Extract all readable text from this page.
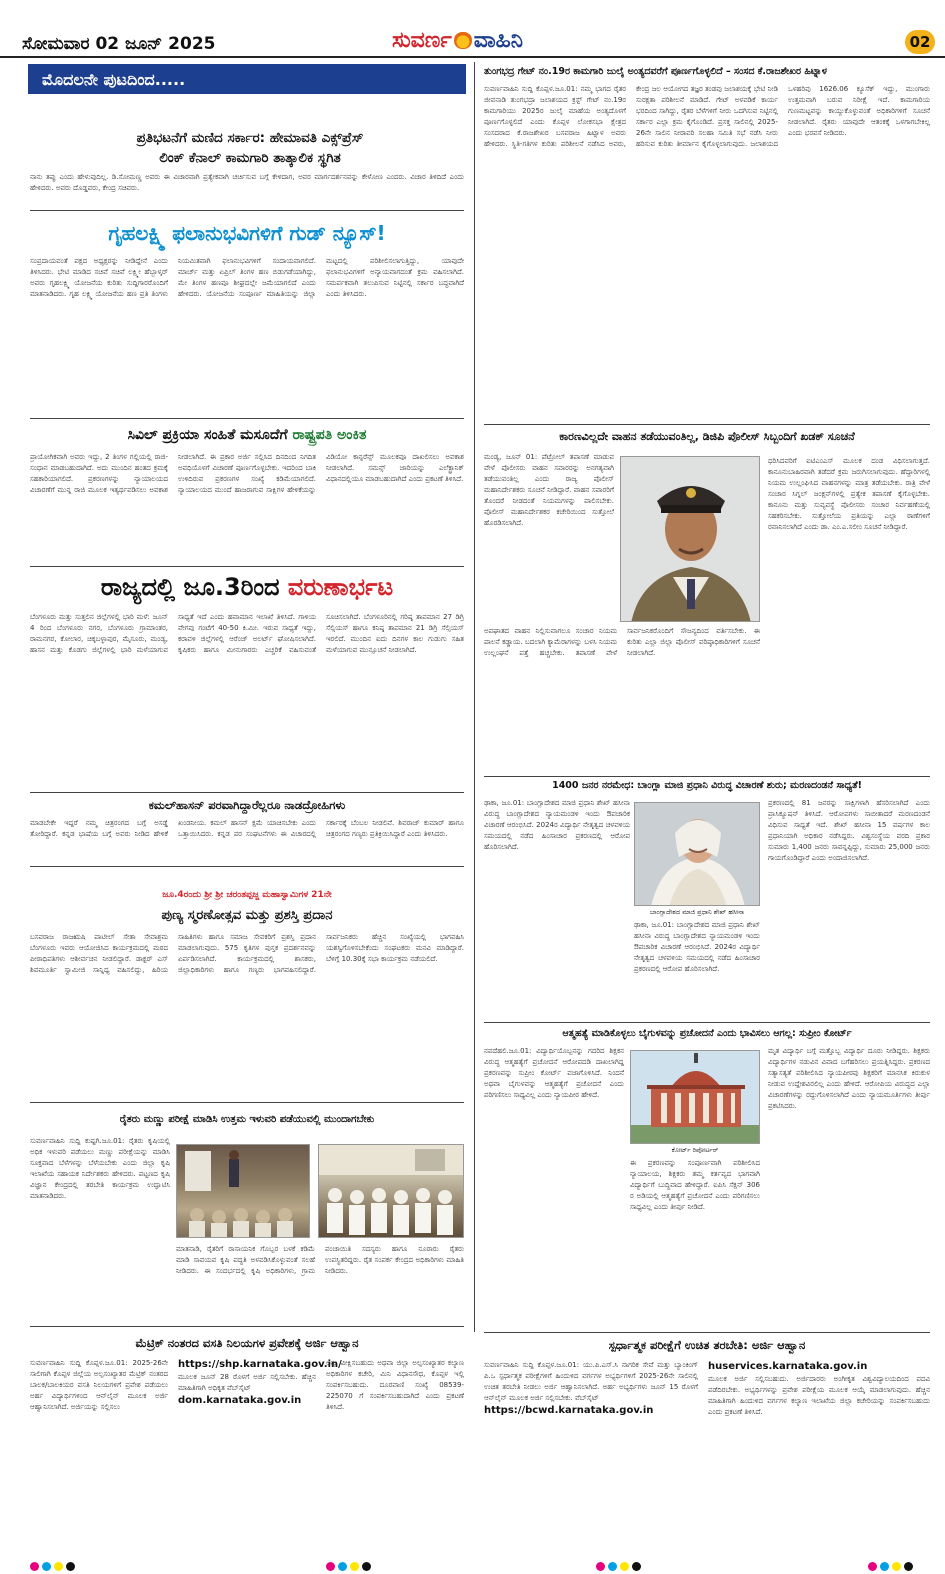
ಸೋಮವಾರ 02 ಜೂನ್ 2025	ಸುವರ್ಣ ವಾಹಿನಿ	02
ಮೊದಲನೇ ಪುಟದಿಂದ.....
ಪ್ರತಿಭಟನೆಗೆ ಮಣಿದ ಸರ್ಕಾರ: ಹೇಮಾವತಿ ಎಕ್ಸ್‌ಪ್ರೆಸ್
ಲಿಂಕ್ ಕೆನಾಲ್ ಕಾಮಗಾರಿ ತಾತ್ಕಾಲಿಕ ಸ್ಥಗಿತ
ನಾನು ತಪ್ಪು ಎಂದು ಹೇಳುವುದಿಲ್ಲ. ಡಿ.ಸೋಮಣ್ಣ ಅವರು ಈ ವಿಚಾರವಾಗಿ ಪ್ರತ್ಯೇಕವಾಗಿ ಚರ್ಚಿಸುವ ಬಗ್ಗೆ ಕೇಳಿದಾಗ, ಅವರ ಮಾರ್ಗದರ್ಶನವನ್ನು ಕೇಳೋಣ ಎಂದರು. ವಿಚಾರ ತಿಳಿದಿದೆ ಎಂದು ಹೇಳಿದರು. ಅವರು ದೊಡ್ಡವರು, ಕೇಂದ್ರ ಸಚಿವರು.
ಗೃಹಲಕ್ಷ್ಮಿ ಫಲಾನುಭವಿಗಳಿಗೆ ಗುಡ್ ನ್ಯೂಸ್!
ಸಂಪ್ರದಾಯವಂತೆ ಪಕ್ಷದ ಅಧ್ಯಕ್ಷರನ್ನು ನೀಡಿದ್ದೇನೆ ಎಂದು ತಿಳಿಸಿದರು. ಭೇಟಿ ಮಾಡಿದ ಸಚಿವೆ ಸಚಿವೆ ಲಕ್ಷ್ಮೀ ಹೆಬ್ಬಾಳ್ಕರ್ ಅವರು ಗೃಹಲಕ್ಷ್ಮಿ ಯೋಜನೆಯ ಕುರಿತು ಸುದ್ದಿಗಾರರೊಂದಿಗೆ ಮಾತನಾಡಿದರು. ಗೃಹ ಲಕ್ಷ್ಮಿ ಯೋಜನೆಯ ಹಣ ಪ್ರತಿ ತಿಂಗಳು ನಿಯಮಿತವಾಗಿ ಫಲಾನುಭವಿಗಳಿಗೆ ಸಂದಾಯವಾಗಲಿದೆ. ಮಾರ್ಚ್ ಮತ್ತು ಏಪ್ರಿಲ್ ತಿಂಗಳ ಹಣ ಬಿಡುಗಡೆಯಾಗಿದ್ದು, ಮೇ ತಿಂಗಳ ಹಣವೂ ಶೀಘ್ರದಲ್ಲೇ ಜಮೆಯಾಗಲಿದೆ ಎಂದು ಹೇಳಿದರು. ಯೋಜನೆಯ ಸಂಪೂರ್ಣ ಮಾಹಿತಿಯನ್ನು ಜಿಲ್ಲಾ ಮಟ್ಟದಲ್ಲಿ ಪರಿಶೀಲಿಸಲಾಗುತ್ತಿದ್ದು, ಯಾವುದೇ ಫಲಾನುಭವಿಗಳಿಗೆ ಅನ್ಯಾಯವಾಗದಂತೆ ಕ್ರಮ ವಹಿಸಲಾಗಿದೆ. ಸಮರ್ಪಕವಾಗಿ ತಲುಪಿಸುವ ನಿಟ್ಟಿನಲ್ಲಿ ಸರ್ಕಾರ ಬದ್ಧವಾಗಿದೆ ಎಂದು ತಿಳಿಸಿದರು.
ಸಿವಿಲ್ ಪ್ರಕ್ರಿಯಾ ಸಂಹಿತೆ ಮಸೂದೆಗೆ ರಾಷ್ಟ್ರಪತಿ ಅಂಕಿತ
ಪ್ರಾಯೋಗಿಕವಾಗಿ ಅವರು ಇದ್ದು, 2 ತಿಂಗಳ ಗಲ್ಲಿಯಲ್ಲಿ ರಾಜಿ-ಸಂಧಾನ ಮಾಡಬಹುದಾಗಿದೆ. ಅದು ಮುಂದಿನ ಹಂತದ ಕ್ರಮಕ್ಕೆ ಸಹಕಾರಿಯಾಗಲಿದೆ. ಪ್ರಕರಣಗಳನ್ನು ನ್ಯಾಯಾಲಯದ ವಿಚಾರಣೆಗೆ ಮುನ್ನ ರಾಜಿ ಮೂಲಕ ಇತ್ಯರ್ಥಪಡಿಸಲು ಅವಕಾಶ ನೀಡಲಾಗಿದೆ. ಈ ಪ್ರಕಾರ ಅರ್ಜಿ ಸಲ್ಲಿಸಿದ ದಿನದಿಂದ ನಿಗದಿತ ಅವಧಿಯೊಳಗೆ ವಿಚಾರಣೆ ಪೂರ್ಣಗೊಳ್ಳಬೇಕು. ಇದರಿಂದ ಬಾಕಿ ಉಳಿದಿರುವ ಪ್ರಕರಣಗಳ ಸಂಖ್ಯೆ ಕಡಿಮೆಯಾಗಲಿದೆ. ನ್ಯಾಯಾಲಯದ ಮುಂದೆ ಹಾಜರಾಗುವ ಸಾಕ್ಷಿಗಳ ಹೇಳಿಕೆಯನ್ನು ವಿಡಿಯೋ ಕಾನ್ಫರೆನ್ಸ್ ಮೂಲಕವೂ ದಾಖಲಿಸಲು ಅವಕಾಶ ನೀಡಲಾಗಿದೆ. ಸಮನ್ಸ್ ಜಾರಿಯನ್ನು ಎಲೆಕ್ಟ್ರಾನಿಕ್ ವಿಧಾನದಲ್ಲಿಯೂ ಮಾಡಬಹುದಾಗಿದೆ ಎಂದು ಪ್ರಕಟಣೆ ತಿಳಿಸಿದೆ.
ರಾಜ್ಯದಲ್ಲಿ ಜೂ.3ರಿಂದ ವರುಣಾರ್ಭಟ
ಬೆಂಗಳೂರು ಮತ್ತು ಸುತ್ತಲಿನ ಜಿಲ್ಲೆಗಳಲ್ಲಿ ಭಾರಿ ಮಳೆ: ಜೂನ್ 4 ರಿಂದ ಬೆಂಗಳೂರು ನಗರ, ಬೆಂಗಳೂರು ಗ್ರಾಮಾಂತರ, ರಾಮನಗರ, ಕೋಲಾರ, ಚಿಕ್ಕಬಳ್ಳಾಪುರ, ಮೈಸೂರು, ಮಂಡ್ಯ, ಹಾಸನ ಮತ್ತು ಕೊಡಗು ಜಿಲ್ಲೆಗಳಲ್ಲಿ ಭಾರಿ ಮಳೆಯಾಗುವ ಸಾಧ್ಯತೆ ಇದೆ ಎಂದು ಹವಾಮಾನ ಇಲಾಖೆ ತಿಳಿಸಿದೆ. ಗಾಳಿಯ ವೇಗವು ಗಂಟೆಗೆ 40-50 ಕಿ.ಮೀ. ಇರುವ ಸಾಧ್ಯತೆ ಇದ್ದು, ಕರಾವಳಿ ಜಿಲ್ಲೆಗಳಲ್ಲಿ ಆರೆಂಜ್ ಅಲರ್ಟ್ ಘೋಷಿಸಲಾಗಿದೆ. ಕೃಷಿಕರು ಹಾಗೂ ಮೀನುಗಾರರು ಎಚ್ಚರಿಕೆ ವಹಿಸುವಂತೆ ಸೂಚಿಸಲಾಗಿದೆ. ಬೆಂಗಳೂರಿನಲ್ಲಿ ಗರಿಷ್ಠ ತಾಪಮಾನ 27 ಡಿಗ್ರಿ ಸೆಲ್ಸಿಯಸ್ ಹಾಗೂ ಕನಿಷ್ಠ ತಾಪಮಾನ 21 ಡಿಗ್ರಿ ಸೆಲ್ಸಿಯಸ್ ಇರಲಿದೆ. ಮುಂದಿನ ಐದು ದಿನಗಳ ಕಾಲ ಗುಡುಗು ಸಹಿತ ಮಳೆಯಾಗುವ ಮುನ್ಸೂಚನೆ ನೀಡಲಾಗಿದೆ.
ಕಮಲ್‌ಹಾಸನ್ ಪರವಾಗಿದ್ದಾರೆಲ್ಲರೂ ನಾಡದ್ರೋಹಿಗಳು
ಮಾಡಬೇಕೇ ಇದ್ದರೆ ನಮ್ಮ ಚಿತ್ರರಂಗದ ಬಗ್ಗೆ ಅಸಡ್ಡೆ ತೋರಿದ್ದಾರೆ. ಕನ್ನಡ ಭಾಷೆಯ ಬಗ್ಗೆ ಅವರು ನೀಡಿದ ಹೇಳಿಕೆ ಖಂಡನೀಯ. ಕಮಲ್ ಹಾಸನ್ ಕ್ಷಮೆ ಯಾಚಿಸಬೇಕು ಎಂದು ಒತ್ತಾಯಿಸಿದರು. ಕನ್ನಡ ಪರ ಸಂಘಟನೆಗಳು ಈ ವಿಚಾರದಲ್ಲಿ ಸರ್ಕಾರಕ್ಕೆ ಬೆಂಬಲ ನೀಡಲಿವೆ. ಶಿವರಾಜ್ ಕುಮಾರ್ ಹಾಗೂ ಚಿತ್ರರಂಗದ ಗಣ್ಯರು ಪ್ರತಿಕ್ರಿಯಿಸಿದ್ದಾರೆ ಎಂದು ತಿಳಿಸಿದರು.
ಜೂ.4ರಂದು ಶ್ರೀ ಶ್ರೀ ಚರಂತಪ್ಪಜ್ಜ ಮಹಾಸ್ವಾಮಿಗಳ 21ನೇ
ಪುಣ್ಯ ಸ್ಮರಣೋತ್ಸವ ಮತ್ತು ಪ್ರಶಸ್ತಿ ಪ್ರದಾನ
ಬಸವರಾಜ ರಾಜಋಷಿ ಪಾಟೀಲ್ ಸೇತಾ ಸೇವಾಶ್ರಮ ಬೆಂಗಳೂರು ಇವರು ಆಯೋಜಿಸಿದ ಕಾರ್ಯಕ್ರಮದಲ್ಲಿ ಮಠದ ಪೀಠಾಧಿಪತಿಗಳು ಆಶೀರ್ವಚನ ನೀಡಲಿದ್ದಾರೆ. ಡಾಕ್ಟರ್ ಎಸ್ ಶಿವಮೂರ್ತಿ ಸ್ವಾಮೀಜಿ ಸಾನ್ನಿಧ್ಯ ವಹಿಸಲಿದ್ದು, ಹಿರಿಯ ಸಾಹಿತಿಗಳು ಹಾಗೂ ಸಮಾಜ ಸೇವಕರಿಗೆ ಪ್ರಶಸ್ತಿ ಪ್ರದಾನ ಮಾಡಲಾಗುವುದು. 575 ಕೃತಿಗಳ ಪುಸ್ತಕ ಪ್ರದರ್ಶನವನ್ನು ಏರ್ಪಡಿಸಲಾಗಿದೆ. ಕಾರ್ಯಕ್ರಮದಲ್ಲಿ ಶಾಸಕರು, ಜಿಲ್ಲಾಧಿಕಾರಿಗಳು ಹಾಗೂ ಗಣ್ಯರು ಭಾಗವಹಿಸಲಿದ್ದಾರೆ. ಸಾರ್ವಜನಿಕರು ಹೆಚ್ಚಿನ ಸಂಖ್ಯೆಯಲ್ಲಿ ಭಾಗವಹಿಸಿ ಯಶಸ್ವಿಗೊಳಿಸಬೇಕೆಂದು ಸಂಘಟಕರು ಮನವಿ ಮಾಡಿದ್ದಾರೆ. ಬೆಳಿಗ್ಗೆ 10.30ಕ್ಕೆ ಸಭಾ ಕಾರ್ಯಕ್ರಮ ನಡೆಯಲಿದೆ.
ರೈತರು ಮಣ್ಣು ಪರೀಕ್ಷೆ ಮಾಡಿಸಿ ಉತ್ತಮ ಇಳುವರಿ ಪಡೆಯುವಲ್ಲಿ ಮುಂದಾಗಬೇಕು
ಸುವರ್ಣವಾಹಿನಿ ಸುದ್ದಿ ಕುಷ್ಟಗಿ.ಜೂ.01: ರೈತರು ಕೃಷಿಯಲ್ಲಿ ಅಧಿಕ ಇಳುವರಿ ಪಡೆಯಲು ಮಣ್ಣು ಪರೀಕ್ಷೆಯನ್ನು ಮಾಡಿಸಿ ಸೂಕ್ತವಾದ ಬೆಳೆಗಳನ್ನು ಬೆಳೆಯಬೇಕು ಎಂದು ಜಿಲ್ಲಾ ಕೃಷಿ ಇಲಾಖೆಯ ಸಹಾಯಕ ನಿರ್ದೇಶಕರು ಹೇಳಿದರು. ಪಟ್ಟಣದ ಕೃಷಿ ವಿಜ್ಞಾನ ಕೇಂದ್ರದಲ್ಲಿ ತರಬೇತಿ ಕಾರ್ಯಕ್ರಮ ಉದ್ಘಾಟಿಸಿ ಮಾತನಾಡಿದರು.
ಮಾತನಾಡಿ, ರೈತರಿಗೆ ರಾಸಾಯನಿಕ ಗೊಬ್ಬರ ಬಳಕೆ ಕಡಿಮೆ ಮಾಡಿ ಸಾವಯವ ಕೃಷಿ ಪದ್ಧತಿ ಅಳವಡಿಸಿಕೊಳ್ಳುವಂತೆ ಸಲಹೆ ನೀಡಿದರು. ಈ ಸಂದರ್ಭದಲ್ಲಿ ಕೃಷಿ ಅಧಿಕಾರಿಗಳು, ಗ್ರಾಮ ಪಂಚಾಯಿತಿ ಸದಸ್ಯರು ಹಾಗೂ ನೂರಾರು ರೈತರು ಉಪಸ್ಥಿತರಿದ್ದರು. ರೈತ ಸಂಪರ್ಕ ಕೇಂದ್ರದ ಅಧಿಕಾರಿಗಳು ಮಾಹಿತಿ ನೀಡಿದರು.
ಮೆಟ್ರಿಕ್ ನಂತರದ ವಸತಿ ನಿಲಯಗಳ ಪ್ರವೇಶಕ್ಕೆ ಅರ್ಜಿ ಆಹ್ವಾನ
ಸುವರ್ಣವಾಹಿನಿ ಸುದ್ದಿ ಕೊಪ್ಪಳ.ಜೂ.01: 2025-26ನೇ ಸಾಲಿಗಾಗಿ ಕೊಪ್ಪಳ ಜಿಲ್ಲೆಯ ಅಲ್ಪಸಂಖ್ಯಾತರ ಮೆಟ್ರಿಕ್ ನಂತರದ ಬಾಲಕ/ಬಾಲಕಿಯರ ವಸತಿ ನಿಲಯಗಳಿಗೆ ಪ್ರವೇಶ ಪಡೆಯಲು ಅರ್ಹ ವಿದ್ಯಾರ್ಥಿಗಳಿಂದ ಆನ್‌ಲೈನ್ ಮೂಲಕ ಅರ್ಜಿ ಆಹ್ವಾನಿಸಲಾಗಿದೆ. ಅರ್ಜಿಯನ್ನು ಸಲ್ಲಿಸಲು
https://shp.karnataka.gov.in/
ಮೂಲಕ ಜೂನ್ 28 ರೊಳಗೆ ಅರ್ಜಿ ಸಲ್ಲಿಸಬೇಕು. ಹೆಚ್ಚಿನ ಮಾಹಿತಿಗಾಗಿ ಅಧಿಕೃತ ವೆಬ್‌ಸೈಟ್
dom.karnataka.gov.in
ಅನ್ನು ವೀಕ್ಷಿಸಬಹುದು ಅಥವಾ ಜಿಲ್ಲಾ ಅಲ್ಪಸಂಖ್ಯಾತರ ಕಲ್ಯಾಣ ಅಧಿಕಾರಿಗಳ ಕಚೇರಿ, ಮಿನಿ ವಿಧಾನಸೌಧ, ಕೊಪ್ಪಳ ಇಲ್ಲಿ ಸಂಪರ್ಕಿಸಬಹುದು. ದೂರವಾಣಿ ಸಂಖ್ಯೆ 08539-225070 ಗೆ ಸಂಪರ್ಕಿಸಬಹುದಾಗಿದೆ ಎಂದು ಪ್ರಕಟಣೆ ತಿಳಿಸಿದೆ.
ತುಂಗಭದ್ರ ಗೇಟ್ ನಂ.19ರ ಕಾಮಗಾರಿ ಜುಲೈ ಅಂತ್ಯದವರೆಗೆ ಪೂರ್ಣಗೊಳ್ಳಲಿದೆ – ಸಂಸದ ಕೆ.ರಾಜಶೇಖರ ಹಿಟ್ನಾಳ
ಸುವರ್ಣವಾಹಿನಿ ಸುದ್ದಿ ಕೊಪ್ಪಳ.ಜೂ.01: ನಮ್ಮ ಭಾಗದ ರೈತರ ಜೀವನಾಡಿ ತುಂಗಭದ್ರಾ ಜಲಾಶಯದ ಕ್ರಸ್ಟ್ ಗೇಟ್ ನಂ.19ರ ಕಾಮಗಾರಿಯು 2025ರ ಜುಲೈ ಮಾಹೆಯ ಅಂತ್ಯದೊಳಗೆ ಪೂರ್ಣಗೊಳ್ಳಲಿದೆ ಎಂದು ಕೊಪ್ಪಳ ಲೋಕಸಭಾ ಕ್ಷೇತ್ರದ ಸಂಸದರಾದ ಕೆ.ರಾಜಶೇಖರ ಬಸವರಾಜ ಹಿಟ್ನಾಳ ಅವರು ಹೇಳಿದರು. ಸ್ಥಿತಿ-ಗತಿಗಳ ಕುರಿತು ಪರಿಶೀಲನೆ ನಡೆಸಿದ ಅವರು, ಕೇಂದ್ರ ಜಲ ಆಯೋಗದ ತಜ್ಞರ ತಂಡವು ಜಲಾಶಯಕ್ಕೆ ಭೇಟಿ ನೀಡಿ ಸುರಕ್ಷತಾ ಪರಿಶೀಲನೆ ಮಾಡಿದೆ. ಗೇಟ್ ಅಳವಡಿಕೆ ಕಾರ್ಯ ಭರದಿಂದ ಸಾಗಿದ್ದು, ರೈತರ ಬೆಳೆಗಳಿಗೆ ನೀರು ಒದಗಿಸುವ ನಿಟ್ಟಿನಲ್ಲಿ ಸರ್ಕಾರ ಎಲ್ಲಾ ಕ್ರಮ ಕೈಗೊಂಡಿದೆ. ಪ್ರಸಕ್ತ ಸಾಲಿನಲ್ಲಿ 2025-26ನೇ ಸಾಲಿನ ನೀರಾವರಿ ಸಲಹಾ ಸಮಿತಿ ಸಭೆ ನಡೆಸಿ ನೀರು ಹರಿಸುವ ಕುರಿತು ತೀರ್ಮಾನ ಕೈಗೊಳ್ಳಲಾಗುವುದು. ಜಲಾಶಯದ ಒಳಹರಿವು 1626.06 ಕ್ಯೂಸೆಕ್ ಇದ್ದು, ಮುಂಗಾರು ಉತ್ತಮವಾಗಿ ಬರುವ ನಿರೀಕ್ಷೆ ಇದೆ. ಕಾಮಗಾರಿಯ ಗುಣಮಟ್ಟವನ್ನು ಕಾಯ್ದುಕೊಳ್ಳುವಂತೆ ಅಧಿಕಾರಿಗಳಿಗೆ ಸೂಚನೆ ನೀಡಲಾಗಿದೆ. ರೈತರು ಯಾವುದೇ ಆತಂಕಕ್ಕೆ ಒಳಗಾಗಬೇಕಿಲ್ಲ ಎಂದು ಭರವಸೆ ನೀಡಿದರು.
ಕಾರಣವಿಲ್ಲದೇ ವಾಹನ ತಡೆಯುವಂತಿಲ್ಲ, ಡಿಜಿಪಿ ಪೊಲೀಸ್ ಸಿಬ್ಬಂದಿಗೆ ಖಡಕ್ ಸೂಚನೆ
ಮಂಡ್ಯ, ಜೂನ್ 01: ಪೆಟ್ರೋಲ್ ತಪಾಸಣೆ ಮಾಡುವ ವೇಳೆ ಪೊಲೀಸರು ವಾಹನ ಸವಾರರನ್ನು ಅನಗತ್ಯವಾಗಿ ತಡೆಯುವಂತಿಲ್ಲ ಎಂದು ರಾಜ್ಯ ಪೊಲೀಸ್ ಮಹಾನಿರ್ದೇಶಕರು ಸೂಚನೆ ನೀಡಿದ್ದಾರೆ. ವಾಹನ ಸವಾರರಿಗೆ ತೊಂದರೆ ನೀಡದಂತೆ ನಿಯಮಗಳನ್ನು ಪಾಲಿಸಬೇಕು. ಪೊಲೀಸ್ ಮಹಾನಿರ್ದೇಶಕರ ಕಚೇರಿಯಿಂದ ಸುತ್ತೋಲೆ ಹೊರಡಿಸಲಾಗಿದೆ.
ಅಪಘಾತದ ವಾಹನ ನಿಲ್ಲಿಸುವಾಗಲೂ ಸಂಚಾರ ನಿಯಮ ಪಾಲನೆ ಕಡ್ಡಾಯ. ಬದಲಾಗಿ ಕ್ಯಾಮೆರಾಗಳನ್ನು ಬಳಸಿ ನಿಯಮ ಉಲ್ಲಂಘನೆ ಪತ್ತೆ ಹಚ್ಚಬೇಕು. ತಪಾಸಣೆ ವೇಳೆ ಸಾರ್ವಜನಿಕರೊಂದಿಗೆ ಸೌಜನ್ಯದಿಂದ ವರ್ತಿಸಬೇಕು. ಈ ಕುರಿತು ಎಲ್ಲಾ ಜಿಲ್ಲಾ ಪೊಲೀಸ್ ವರಿಷ್ಠಾಧಿಕಾರಿಗಳಿಗೆ ಸೂಚನೆ ನೀಡಲಾಗಿದೆ.
ಧರಿಸಿದವರಿಗೆ ಐಟಿಎಂಎಸ್ ಮೂಲಕ ದಂಡ ವಿಧಿಸಲಾಗುತ್ತದೆ. ಕಾನೂನುಬಾಹಿರವಾಗಿ ತಡೆದರೆ ಕ್ರಮ ಜರುಗಿಸಲಾಗುವುದು. ಹೆದ್ದಾರಿಗಳಲ್ಲಿ ನಿಯಮ ಉಲ್ಲಂಘಿಸಿದ ವಾಹನಗಳನ್ನು ಮಾತ್ರ ತಡೆಯಬೇಕು. ರಾತ್ರಿ ವೇಳೆ ಸಂಚಾರ ಸಿಗ್ನಲ್ ಜಂಕ್ಷನ್‌ಗಳಲ್ಲಿ ಪ್ರತ್ಯೇಕ ತಪಾಸಣೆ ಕೈಗೊಳ್ಳಬೇಕು. ಕಾನೂನು ಮತ್ತು ಸುವ್ಯವಸ್ಥೆ ಪೊಲೀಸರು ಸಂಚಾರ ನಿರ್ವಹಣೆಯಲ್ಲಿ ಸಹಕರಿಸಬೇಕು. ಸುತ್ತೋಲೆಯ ಪ್ರತಿಯನ್ನು ಎಲ್ಲಾ ಠಾಣೆಗಳಿಗೆ ರವಾನಿಸಲಾಗಿದೆ ಎಂದು ಡಾ. ಎಂ.ಎ.ಸಲೀಂ ಸೂಚನೆ ನೀಡಿದ್ದಾರೆ.
1400 ಜನರ ನರಮೇಧ: ಬಾಂಗ್ಲಾ ಮಾಜಿ ಪ್ರಧಾನಿ ವಿರುದ್ಧ ವಿಚಾರಣೆ ಶುರು; ಮರಣದಂಡನೆ ಸಾಧ್ಯತೆ!
ಢಾಕಾ, ಜೂ.01: ಬಾಂಗ್ಲಾದೇಶದ ಮಾಜಿ ಪ್ರಧಾನಿ ಶೇಖ್ ಹಸೀನಾ ವಿರುದ್ಧ ಬಾಂಗ್ಲಾದೇಶದ ನ್ಯಾಯಮಂಡಳಿ ಇಂದು ಔಪಚಾರಿಕ ವಿಚಾರಣೆ ಆರಂಭಿಸಿದೆ. 2024ರ ವಿದ್ಯಾರ್ಥಿ ನೇತೃತ್ವದ ಚಳವಳಿಯ ಸಮಯದಲ್ಲಿ ನಡೆದ ಹಿಂಸಾಚಾರ ಪ್ರಕರಣದಲ್ಲಿ ಆರೋಪ ಹೊರಿಸಲಾಗಿದೆ.
ಬಾಂಗ್ಲಾದೇಶದ ಮಾಜಿ ಪ್ರಧಾನಿ ಶೇಖ್ ಹಸೀನಾ
ಢಾಕಾ, ಜೂ.01: ಬಾಂಗ್ಲಾದೇಶದ ಮಾಜಿ ಪ್ರಧಾನಿ ಶೇಖ್ ಹಸೀನಾ ವಿರುದ್ಧ ಬಾಂಗ್ಲಾದೇಶದ ನ್ಯಾಯಮಂಡಳಿ ಇಂದು ಔಪಚಾರಿಕ ವಿಚಾರಣೆ ಆರಂಭಿಸಿದೆ. 2024ರ ವಿದ್ಯಾರ್ಥಿ ನೇತೃತ್ವದ ಚಳವಳಿಯ ಸಮಯದಲ್ಲಿ ನಡೆದ ಹಿಂಸಾಚಾರ ಪ್ರಕರಣದಲ್ಲಿ ಆರೋಪ ಹೊರಿಸಲಾಗಿದೆ.
ಪ್ರಕರಣದಲ್ಲಿ 81 ಜನರನ್ನು ಸಾಕ್ಷಿಗಳಾಗಿ ಹೆಸರಿಸಲಾಗಿದೆ ಎಂದು ಪ್ರಾಸಿಕ್ಯೂಷನ್ ತಿಳಿಸಿದೆ. ಆರೋಪಗಳು ಸಾಬೀತಾದರೆ ಮರಣದಂಡನೆ ವಿಧಿಸುವ ಸಾಧ್ಯತೆ ಇದೆ. ಶೇಖ್ ಹಸೀನಾ 15 ವರ್ಷಗಳ ಕಾಲ ಪ್ರಧಾನಿಯಾಗಿ ಅಧಿಕಾರ ನಡೆಸಿದ್ದರು. ವಿಶ್ವಸಂಸ್ಥೆಯ ವರದಿ ಪ್ರಕಾರ ಸುಮಾರು 1,400 ಜನರು ಸಾವನ್ನಪ್ಪಿದ್ದು, ಸುಮಾರು 25,000 ಜನರು ಗಾಯಗೊಂಡಿದ್ದಾರೆ ಎಂದು ಅಂದಾಜಿಸಲಾಗಿದೆ.
ಆತ್ಮಹತ್ಯೆ ಮಾಡಿಕೊಳ್ಳಲು ಬೈಗುಳವನ್ನು ಪ್ರಚೋದನೆ ಎಂದು ಭಾವಿಸಲು ಆಗಲ್ಲ: ಸುಪ್ರೀಂ ಕೋರ್ಟ್
ನವದೆಹಲಿ.ಜೂ.01: ವಿದ್ಯಾರ್ಥಿಯೊಬ್ಬನನ್ನು ಗದರಿದ ಶಿಕ್ಷಕನ ವಿರುದ್ಧ ಆತ್ಮಹತ್ಯೆಗೆ ಪ್ರಚೋದನೆ ಆರೋಪದಡಿ ದಾಖಲಾಗಿದ್ದ ಪ್ರಕರಣವನ್ನು ಸುಪ್ರೀಂ ಕೋರ್ಟ್ ವಜಾಗೊಳಿಸಿದೆ. ನಿಂದನೆ ಅಥವಾ ಬೈಗುಳವನ್ನು ಆತ್ಮಹತ್ಯೆಗೆ ಪ್ರಚೋದನೆ ಎಂದು ಪರಿಗಣಿಸಲು ಸಾಧ್ಯವಿಲ್ಲ ಎಂದು ನ್ಯಾಯಪೀಠ ಹೇಳಿದೆ.
ಕೋರ್ಟ್ ರಿಪೋರ್ಟರ್
ಈ ಪ್ರಕರಣವನ್ನು ಸಂಪೂರ್ಣವಾಗಿ ಪರಿಶೀಲಿಸಿದ ನ್ಯಾಯಾಲಯ, ಶಿಕ್ಷಕರು ತಮ್ಮ ಕರ್ತವ್ಯದ ಭಾಗವಾಗಿ ವಿದ್ಯಾರ್ಥಿಗೆ ಬುದ್ಧಿವಾದ ಹೇಳಿದ್ದಾರೆ. ಐಪಿಸಿ ಸೆಕ್ಷನ್ 306 ರ ಅಡಿಯಲ್ಲಿ ಆತ್ಮಹತ್ಯೆಗೆ ಪ್ರಚೋದನೆ ಎಂದು ಪರಿಗಣಿಸಲು ಸಾಧ್ಯವಿಲ್ಲ ಎಂದು ತೀರ್ಪು ನೀಡಿದೆ.
ಮೃತ ವಿದ್ಯಾರ್ಥಿ ಬಗ್ಗೆ ಮತ್ತೊಬ್ಬ ವಿದ್ಯಾರ್ಥಿ ದೂರು ನೀಡಿದ್ದರು. ಶಿಕ್ಷಕರು ವಿದ್ಯಾರ್ಥಿಗಳ ನಡುವಿನ ವಿವಾದ ಬಗೆಹರಿಸಲು ಪ್ರಯತ್ನಿಸಿದ್ದರು. ಪ್ರಕರಣದ ಸತ್ಯಾಸತ್ಯತೆ ಪರಿಶೀಲಿಸಿದ ನ್ಯಾಯಪೀಠವು ಶಿಕ್ಷಕರಿಗೆ ಮಾನಸಿಕ ಕಿರುಕುಳ ನೀಡುವ ಉದ್ದೇಶವಿರಲಿಲ್ಲ ಎಂದು ಹೇಳಿದೆ. ಆರೋಪಿಯ ವಿರುದ್ಧದ ಎಲ್ಲಾ ವಿಚಾರಣೆಗಳನ್ನು ರದ್ದುಗೊಳಿಸಲಾಗಿದೆ ಎಂದು ನ್ಯಾಯಮೂರ್ತಿಗಳು ತೀರ್ಪು ಪ್ರಕಟಿಸಿದರು.
ಸ್ಪರ್ಧಾತ್ಮಕ ಪರೀಕ್ಷೆಗೆ ಉಚಿತ ತರಬೇತಿ: ಅರ್ಜಿ ಆಹ್ವಾನ
ಸುವರ್ಣವಾಹಿನಿ ಸುದ್ದಿ ಕೊಪ್ಪಳ.ಜೂ.01: ಯು.ಪಿ.ಎಸ್.ಸಿ ನಾಗರಿಕ ಸೇವೆ ಮತ್ತು ಬ್ಯಾಂಕಿಂಗ್ ಪಿ.ಒ ಸ್ಪರ್ಧಾತ್ಮಕ ಪರೀಕ್ಷೆಗಳಿಗೆ ಹಿಂದುಳಿದ ವರ್ಗಗಳ ಅಭ್ಯರ್ಥಿಗಳಿಗೆ 2025-26ನೇ ಸಾಲಿನಲ್ಲಿ ಉಚಿತ ತರಬೇತಿ ನೀಡಲು ಅರ್ಜಿ ಆಹ್ವಾನಿಸಲಾಗಿದೆ. ಅರ್ಹ ಅಭ್ಯರ್ಥಿಗಳು ಜೂನ್ 15 ರೊಳಗೆ ಆನ್‌ಲೈನ್ ಮೂಲಕ ಅರ್ಜಿ ಸಲ್ಲಿಸಬೇಕು. ವೆಬ್‌ಸೈಟ್
https://bcwd.karnataka.gov.in
huservices.karnataka.gov.in
ಮೂಲಕ ಅರ್ಜಿ ಸಲ್ಲಿಸಬಹುದು. ಅರ್ಜಿದಾರರು ಅಂಗೀಕೃತ ವಿಶ್ವವಿದ್ಯಾಲಯದಿಂದ ಪದವಿ ಪಡೆದಿರಬೇಕು. ಅಭ್ಯರ್ಥಿಗಳನ್ನು ಪ್ರವೇಶ ಪರೀಕ್ಷೆಯ ಮೂಲಕ ಆಯ್ಕೆ ಮಾಡಲಾಗುವುದು. ಹೆಚ್ಚಿನ ಮಾಹಿತಿಗಾಗಿ ಹಿಂದುಳಿದ ವರ್ಗಗಳ ಕಲ್ಯಾಣ ಇಲಾಖೆಯ ಜಿಲ್ಲಾ ಕಚೇರಿಯನ್ನು ಸಂಪರ್ಕಿಸಬಹುದು ಎಂದು ಪ್ರಕಟಣೆ ತಿಳಿಸಿದೆ.
